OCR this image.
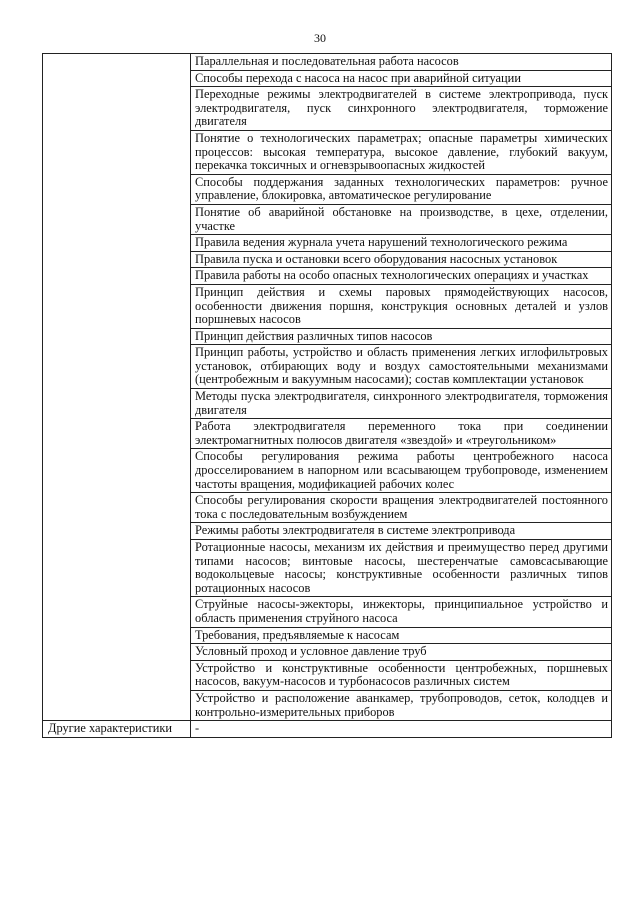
30
	Параллельная и последовательная работа насосов
	Способы перехода с насоса на насос при аварийной ситуации
	Переходные режимы электродвигателей в системе электропривода, пуск электродвигателя, пуск синхронного электродвигателя, торможение двигателя
	Понятие о технологических параметрах; опасные параметры химических процессов: высокая температура, высокое давление, глубокий вакуум, перекачка токсичных и огневзрывоопасных жидкостей
	Способы поддержания заданных технологических параметров: ручное управление, блокировка, автоматическое регулирование
	Понятие об аварийной обстановке на производстве, в цехе, отделении, участке
	Правила ведения журнала учета нарушений технологического режима
	Правила пуска и остановки всего оборудования насосных установок
	Правила работы на особо опасных технологических операциях и участках
	Принцип действия и схемы паровых прямодействующих насосов, особенности движения поршня, конструкция основных деталей и узлов поршневых насосов
	Принцип действия различных типов насосов
	Принцип работы, устройство и область применения легких иглофильтровых установок, отбирающих воду и воздух самостоятельными механизмами (центробежным и вакуумным насосами); состав комплектации установок
	Методы пуска электродвигателя, синхронного электродвигателя, торможения двигателя
	Работа электродвигателя переменного тока при соединении электромагнитных полюсов двигателя «звездой» и «треугольником»
	Способы регулирования режима работы центробежного насоса дросселированием в напорном или всасывающем трубопроводе, изменением частоты вращения, модификацией рабочих колес
	Способы регулирования скорости вращения электродвигателей постоянного тока с последовательным возбуждением
	Режимы работы электродвигателя в системе электропривода
	Ротационные насосы, механизм их действия и преимущество перед другими типами насосов; винтовые насосы, шестеренчатые самовсасывающие водокольцевые насосы; конструктивные особенности различных типов ротационных насосов
	Струйные насосы-эжекторы, инжекторы, принципиальное устройство и область применения струйного насоса
	Требования, предъявляемые к насосам
	Условный проход и условное давление труб
	Устройство и конструктивные особенности центробежных, поршневых насосов, вакуум-насосов и турбонасосов различных систем
	Устройство и расположение аванкамер, трубопроводов, сеток, колодцев и контрольно-измерительных приборов
Другие характеристики	-
